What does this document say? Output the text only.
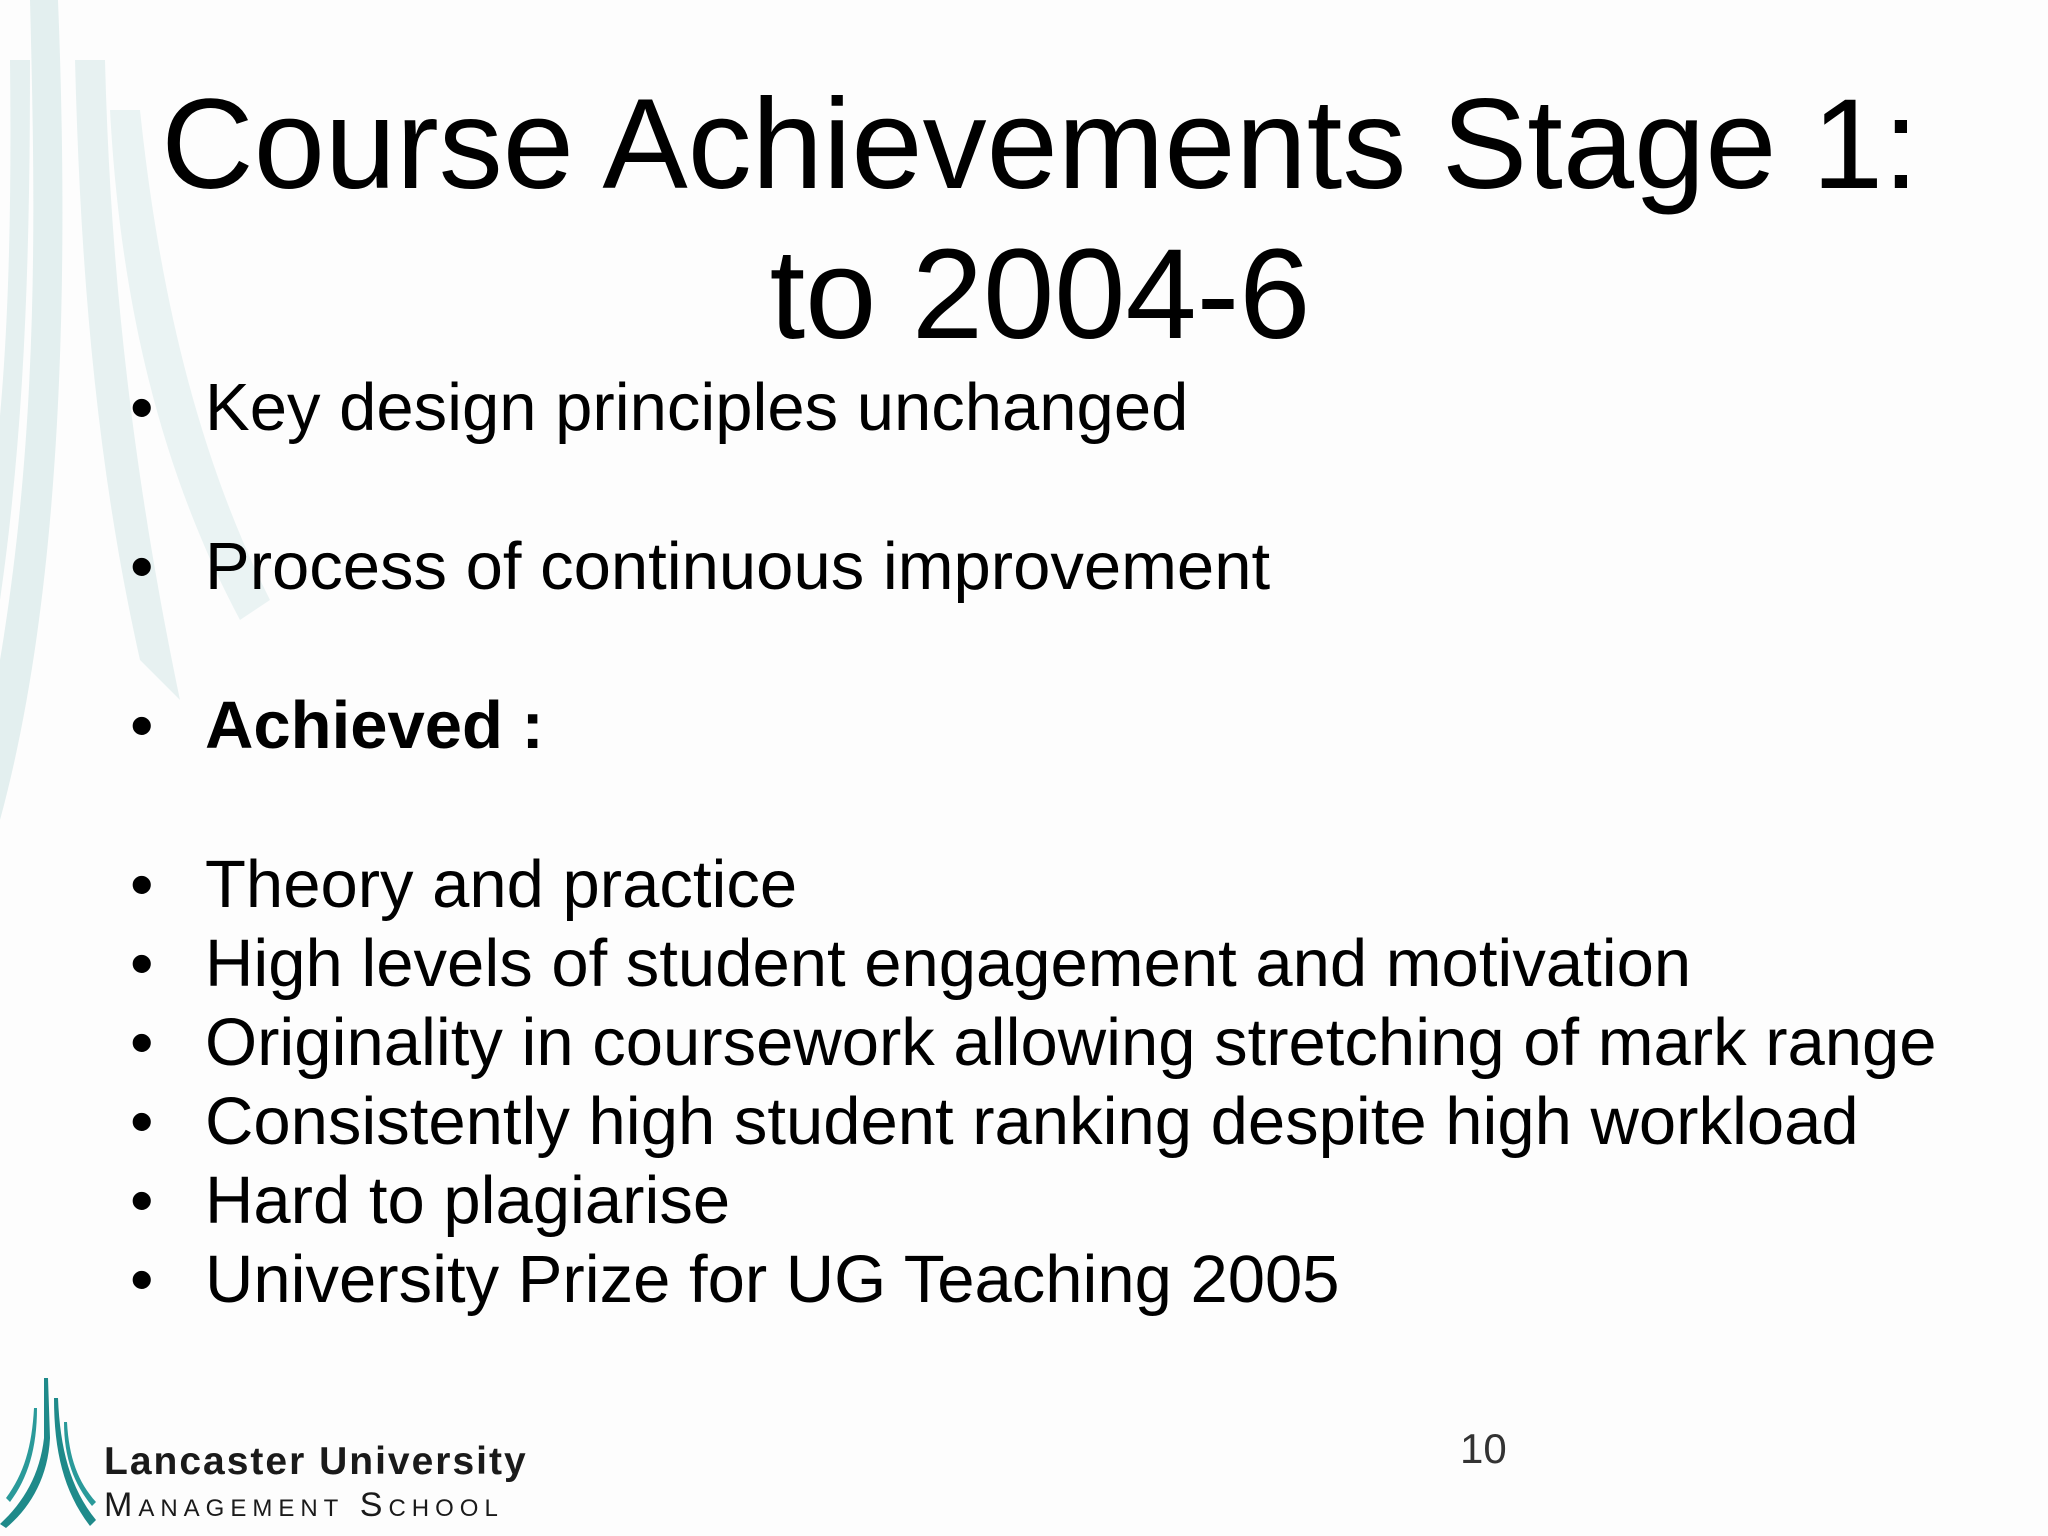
Course Achievements Stage 1:
to 2004-6
• Key design principles unchanged
• Process of continuous improvement
• Achieved :
• Theory and practice
• High levels of student engagement and motivation
• Originality in coursework allowing stretching of mark range
• Consistently high student ranking despite high workload
• Hard to plagiarise
• University Prize for UG Teaching 2005
Lancaster University
Management School
10
